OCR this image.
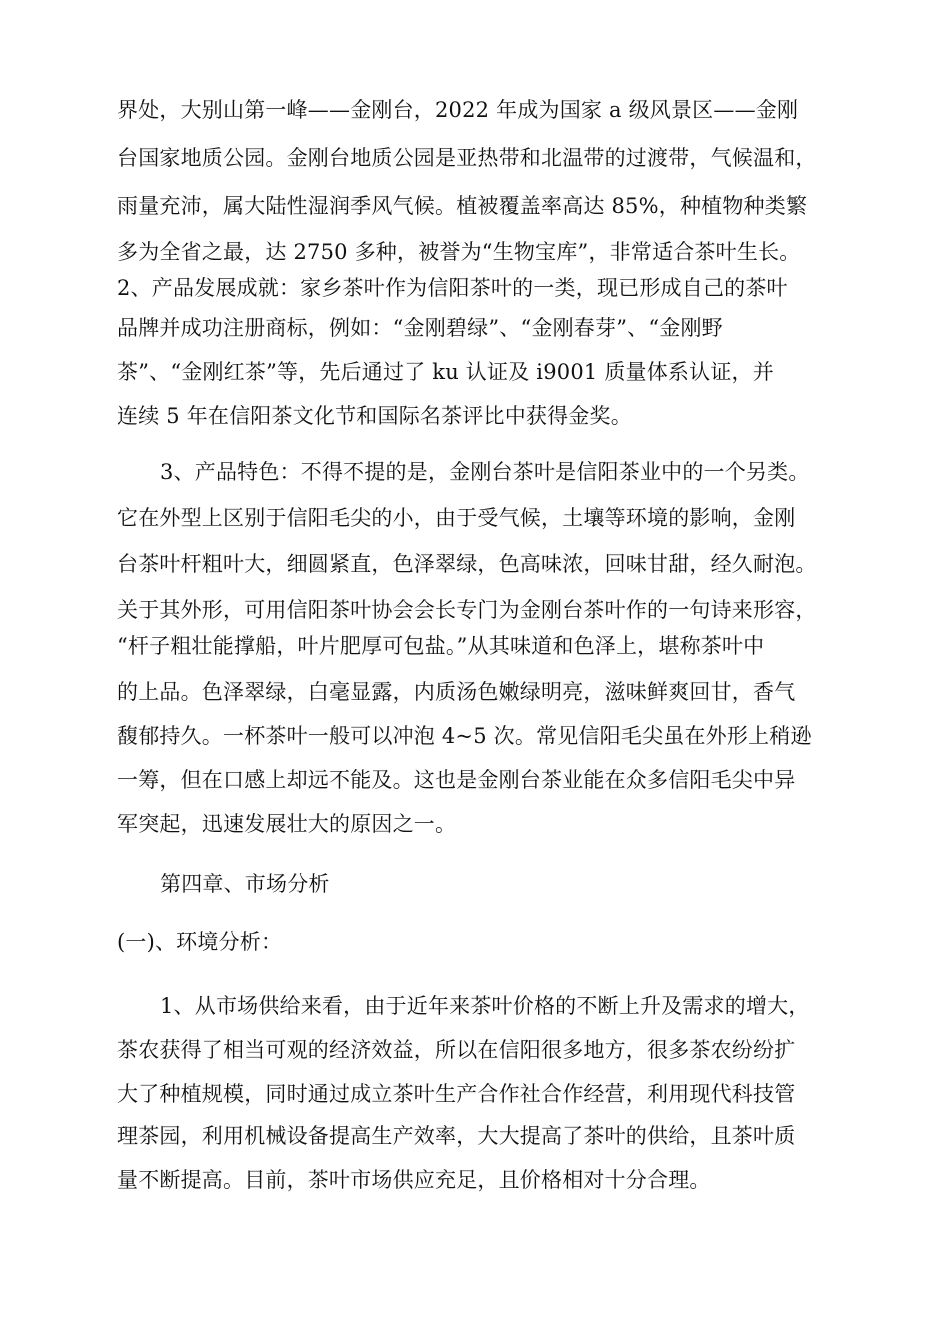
界处，大别山第一峰——金刚台，2022 年成为国家 a 级风景区——金刚
台国家地质公园。金刚台地质公园是亚热带和北温带的过渡带，气候温和，
雨量充沛，属大陆性湿润季风气候。植被覆盖率高达 85%，种植物种类繁
多为全省之最，达 2750 多种，被誉为“生物宝库”，非常适合茶叶生长。
2、产品发展成就：家乡茶叶作为信阳茶叶的一类，现已形成自己的茶叶
品牌并成功注册商标，例如：“金刚碧绿”、“金刚春芽”、“金刚野
茶”、“金刚红茶”等，先后通过了 ku 认证及 i9001 质量体系认证，并
连续 5 年在信阳茶文化节和国际名茶评比中获得金奖。
3、产品特色：不得不提的是，金刚台茶叶是信阳茶业中的一个另类。
它在外型上区别于信阳毛尖的小，由于受气候，土壤等环境的影响，金刚
台茶叶杆粗叶大，细圆紧直，色泽翠绿，色高味浓，回味甘甜，经久耐泡。
关于其外形，可用信阳茶叶协会会长专门为金刚台茶叶作的一句诗来形容，
“杆子粗壮能撑船，叶片肥厚可包盐。”从其味道和色泽上，堪称茶叶中
的上品。色泽翠绿，白毫显露，内质汤色嫩绿明亮，滋味鲜爽回甘，香气
馥郁持久。一杯茶叶一般可以冲泡 4~5 次。常见信阳毛尖虽在外形上稍逊
一筹，但在口感上却远不能及。这也是金刚台茶业能在众多信阳毛尖中异
军突起，迅速发展壮大的原因之一。
第四章、市场分析
(一)、环境分析：
1、从市场供给来看，由于近年来茶叶价格的不断上升及需求的增大，
茶农获得了相当可观的经济效益，所以在信阳很多地方，很多茶农纷纷扩
大了种植规模，同时通过成立茶叶生产合作社合作经营，利用现代科技管
理茶园，利用机械设备提高生产效率，大大提高了茶叶的供给，且茶叶质
量不断提高。目前，茶叶市场供应充足，且价格相对十分合理。
